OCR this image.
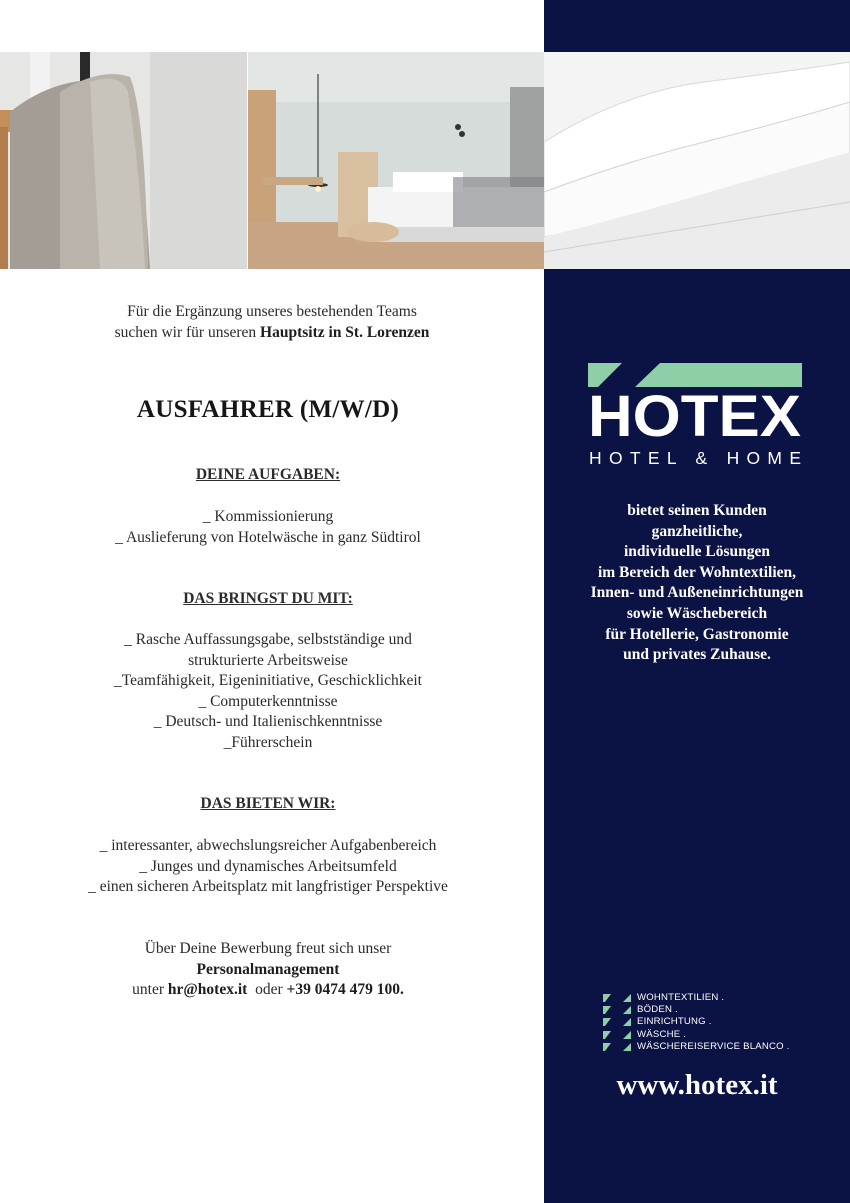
Für die Ergänzung unseres bestehenden Teams
suchen wir für unseren Hauptsitz in St. Lorenzen
AUSFAHRER (M/W/D)
DEINE AUFGABEN:
_ Kommissionierung
_ Auslieferung von Hotelwäsche in ganz Südtirol
DAS BRINGST DU MIT:
_ Rasche Auffassungsgabe, selbstständige und
strukturierte Arbeitsweise
_Teamfähigkeit, Eigeninitiative, Geschicklichkeit
_ Computerkenntnisse
_ Deutsch- und Italienischkenntnisse
_Führerschein
DAS BIETEN WIR:
_ interessanter, abwechslungsreicher Aufgabenbereich
_ Junges und dynamisches Arbeitsumfeld
_ einen sicheren Arbeitsplatz mit langfristiger Perspektive
Über Deine Bewerbung freut sich unser
Personalmanagement
unter hr@hotex.it  oder +39 0474 479 100.
HOTEX
HOTEL & HOME
bietet seinen Kunden
ganzheitliche,
individuelle Lösungen
im Bereich der Wohntextilien,
Innen- und Außeneinrichtungen
sowie Wäschebereich
für Hotellerie, Gastronomie
und privates Zuhause.
WOHNTEXTILIEN .
BÖDEN .
EINRICHTUNG .
WÄSCHE .
WÄSCHEREISERVICE BLANCO .
www.hotex.it
